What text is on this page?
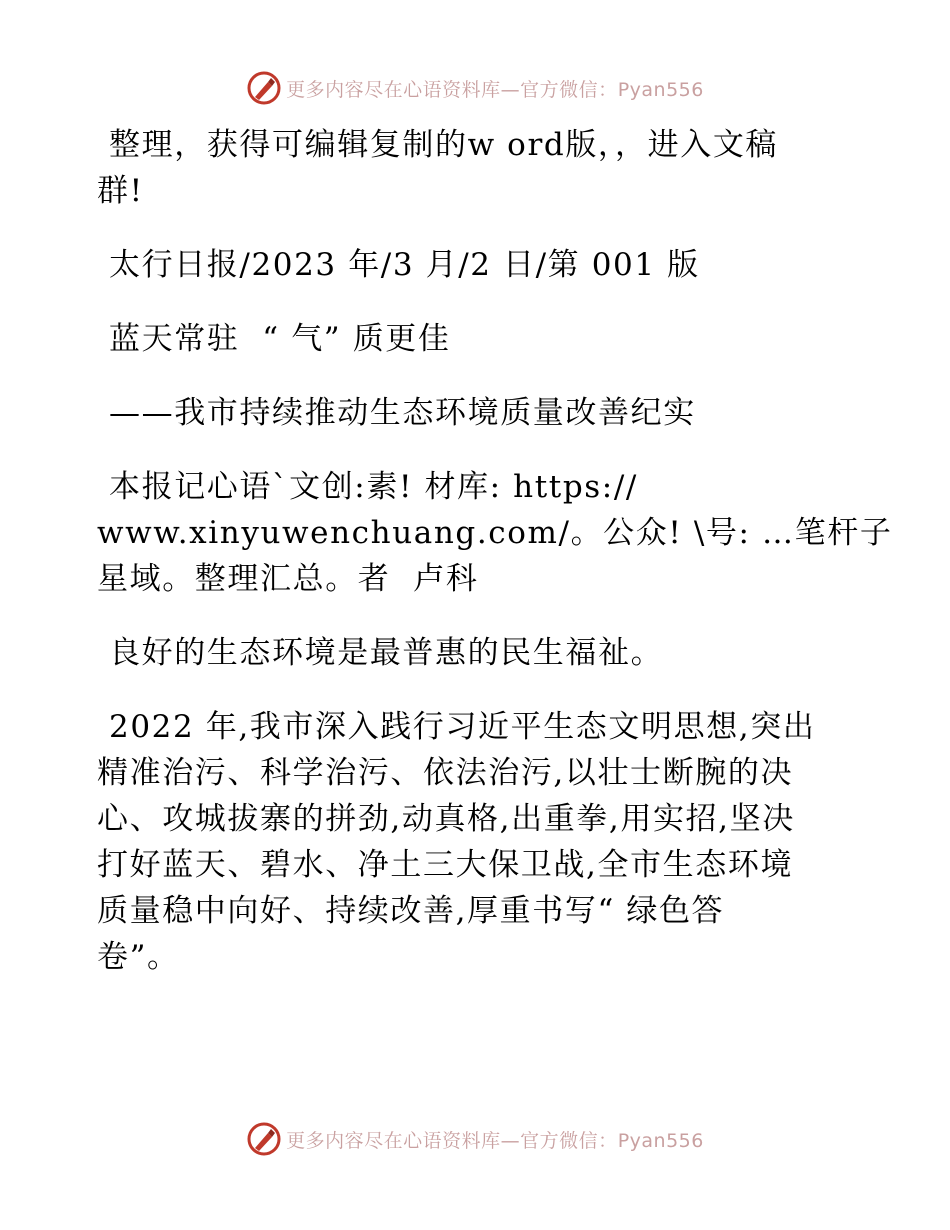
更多内容尽在心语资料库—官方微信：Pyan556
整理，获得可编辑复制的w ord版，，进入文稿
群!
太行日报/2023 年/3 月/2 日/第 001 版
蓝天常驻  “ 气” 质更佳
——我市持续推动生态环境质量改善纪实
本报记心语`文创:素! 材库: https://
www.xinyuwenchuang.com/。公众! \号: …笔杆子
星域。整理汇总。者  卢科
良好的生态环境是最普惠的民生福祉。
2022 年,我市深入践行习近平生态文明思想,突出
精准治污、科学治污、依法治污,以壮士断腕的决
心、攻城拔寨的拼劲,动真格,出重拳,用实招,坚决
打好蓝天、碧水、净土三大保卫战,全市生态环境
质量稳中向好、持续改善,厚重书写“ 绿色答
卷”。
更多内容尽在心语资料库—官方微信：Pyan556
